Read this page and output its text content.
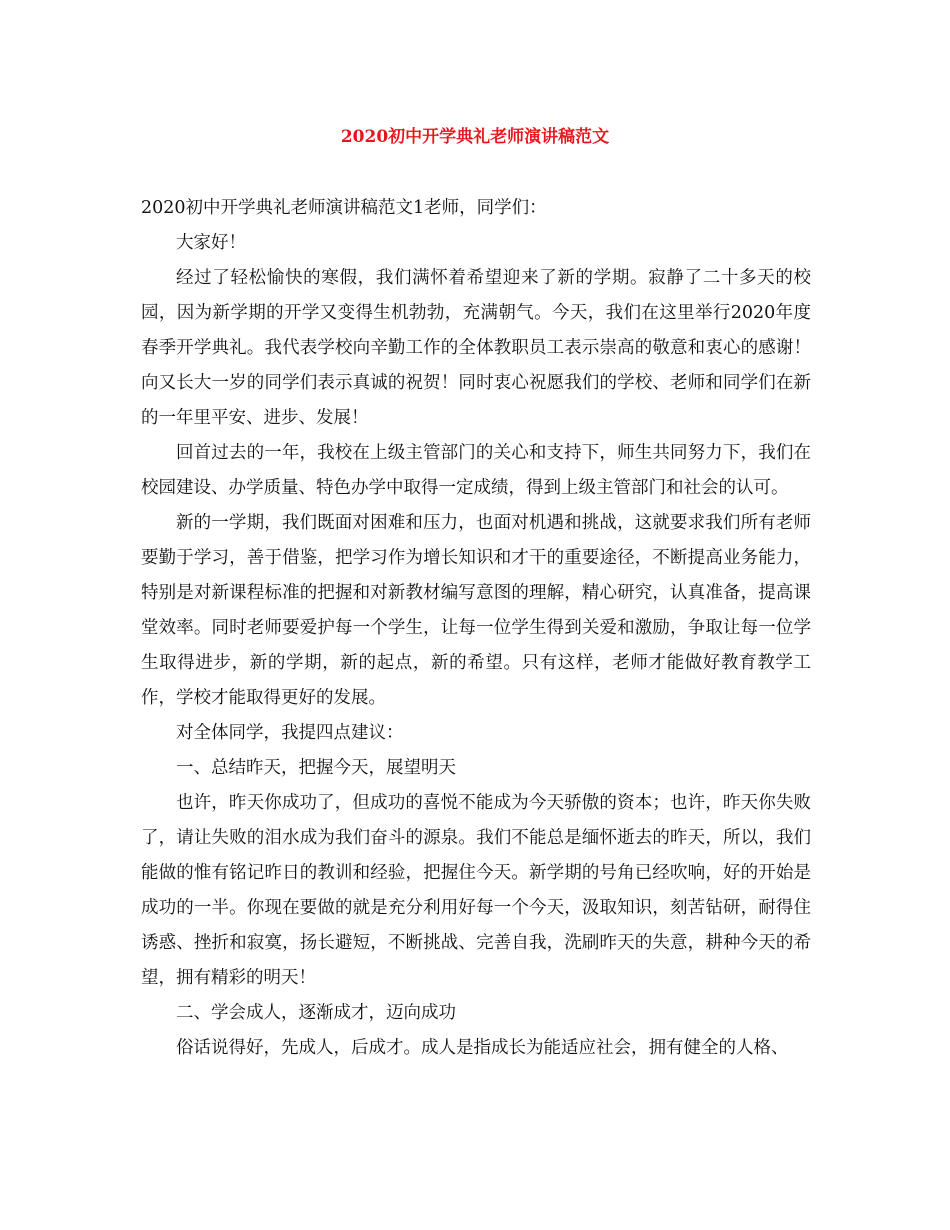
2020初中开学典礼老师演讲稿范文

2020初中开学典礼老师演讲稿范文1老师，同学们：

大家好！

经过了轻松愉快的寒假，我们满怀着希望迎来了新的学期。寂静了二十多天的校园，因为新学期的开学又变得生机勃勃，充满朝气。今天，我们在这里举行2020年度春季开学典礼。我代表学校向辛勤工作的全体教职员工表示崇高的敬意和衷心的感谢！向又长大一岁的同学们表示真诚的祝贺！同时衷心祝愿我们的学校、老师和同学们在新的一年里平安、进步、发展！

回首过去的一年，我校在上级主管部门的关心和支持下，师生共同努力下，我们在校园建设、办学质量、特色办学中取得一定成绩，得到上级主管部门和社会的认可。

新的一学期，我们既面对困难和压力，也面对机遇和挑战，这就要求我们所有老师要勤于学习，善于借鉴，把学习作为增长知识和才干的重要途径，不断提高业务能力，特别是对新课程标准的把握和对新教材编写意图的理解，精心研究，认真准备，提高课堂效率。同时老师要爱护每一个学生，让每一位学生得到关爱和激励，争取让每一位学生取得进步，新的学期，新的起点，新的希望。只有这样，老师才能做好教育教学工作，学校才能取得更好的发展。

对全体同学，我提四点建议：

一、总结昨天，把握今天，展望明天

也许，昨天你成功了，但成功的喜悦不能成为今天骄傲的资本；也许，昨天你失败了，请让失败的泪水成为我们奋斗的源泉。我们不能总是缅怀逝去的昨天，所以，我们能做的惟有铭记昨日的教训和经验，把握住今天。新学期的号角已经吹响，好的开始是成功的一半。你现在要做的就是充分利用好每一个今天，汲取知识，刻苦钻研，耐得住诱惑、挫折和寂寞，扬长避短，不断挑战、完善自我，洗刷昨天的失意，耕种今天的希望，拥有精彩的明天！

二、学会成人，逐渐成才，迈向成功

俗话说得好，先成人，后成才。成人是指成长为能适应社会，拥有健全的人格、
